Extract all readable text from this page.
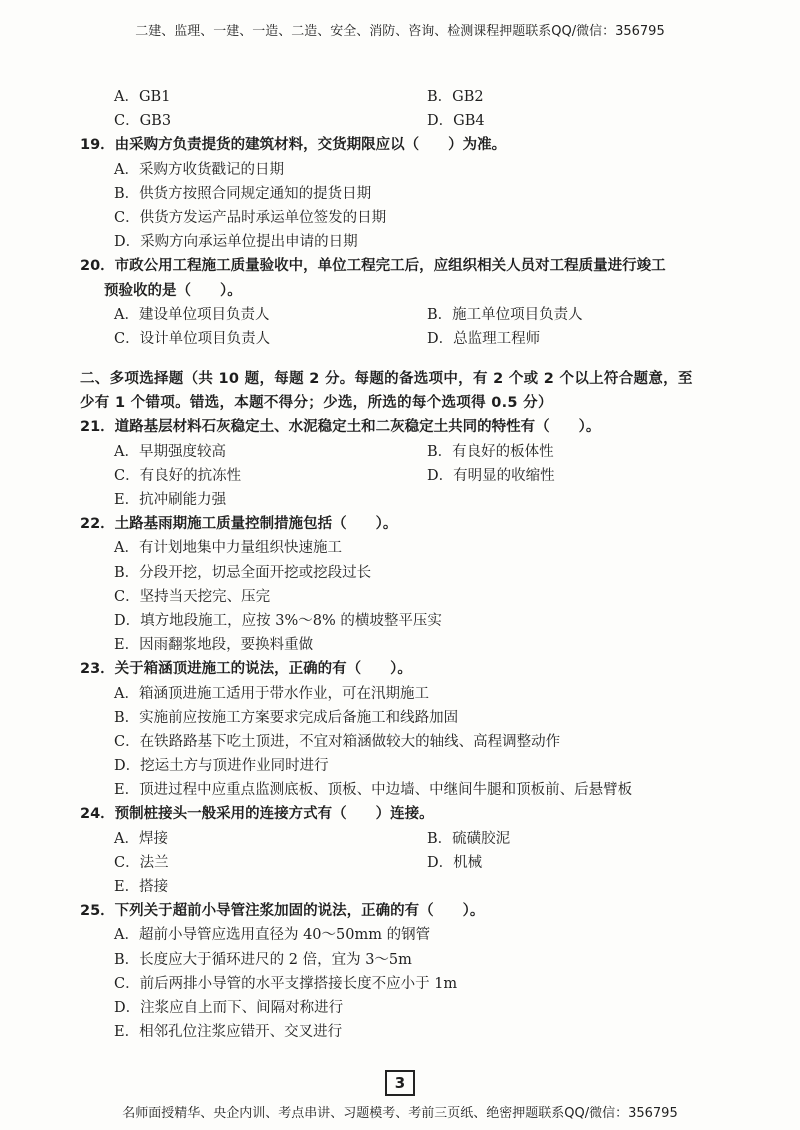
二建、监理、一建、一造、二造、安全、消防、咨询、检测课程押题联系QQ/微信：356795
A．GB1	B．GB2
C．GB3	D．GB4
19．由采购方负责提货的建筑材料，交货期限应以（　　）为准。
A．采购方收货戳记的日期
B．供货方按照合同规定通知的提货日期
C．供货方发运产品时承运单位签发的日期
D．采购方向承运单位提出申请的日期
20．市政公用工程施工质量验收中，单位工程完工后，应组织相关人员对工程质量进行竣工
预验收的是（　　）。
A．建设单位项目负责人	B．施工单位项目负责人
C．设计单位项目负责人	D．总监理工程师
二、多项选择题（共 10 题，每题 2 分。每题的备选项中，有 2 个或 2 个以上符合题意，至
少有 1 个错项。错选，本题不得分；少选，所选的每个选项得 0.5 分）
21．道路基层材料石灰稳定土、水泥稳定土和二灰稳定土共同的特性有（　　）。
A．早期强度较高	B．有良好的板体性
C．有良好的抗冻性	D．有明显的收缩性
E．抗冲刷能力强
22．土路基雨期施工质量控制措施包括（　　）。
A．有计划地集中力量组织快速施工
B．分段开挖，切忌全面开挖或挖段过长
C．坚持当天挖完、压完
D．填方地段施工，应按 3%～8% 的横坡整平压实
E．因雨翻浆地段，要换料重做
23．关于箱涵顶进施工的说法，正确的有（　　）。
A．箱涵顶进施工适用于带水作业，可在汛期施工
B．实施前应按施工方案要求完成后备施工和线路加固
C．在铁路路基下吃土顶进，不宜对箱涵做较大的轴线、高程调整动作
D．挖运土方与顶进作业同时进行
E．顶进过程中应重点监测底板、顶板、中边墙、中继间牛腿和顶板前、后悬臂板
24．预制桩接头一般采用的连接方式有（　　）连接。
A．焊接	B．硫磺胶泥
C．法兰	D．机械
E．搭接
25．下列关于超前小导管注浆加固的说法，正确的有（　　）。
A．超前小导管应选用直径为 40～50mm 的钢管
B．长度应大于循环进尺的 2 倍，宜为 3～5m
C．前后两排小导管的水平支撑搭接长度不应小于 1m
D．注浆应自上而下、间隔对称进行
E．相邻孔位注浆应错开、交叉进行
3
名师面授精华、央企内训、考点串讲、习题模考、考前三页纸、绝密押题联系QQ/微信：356795
